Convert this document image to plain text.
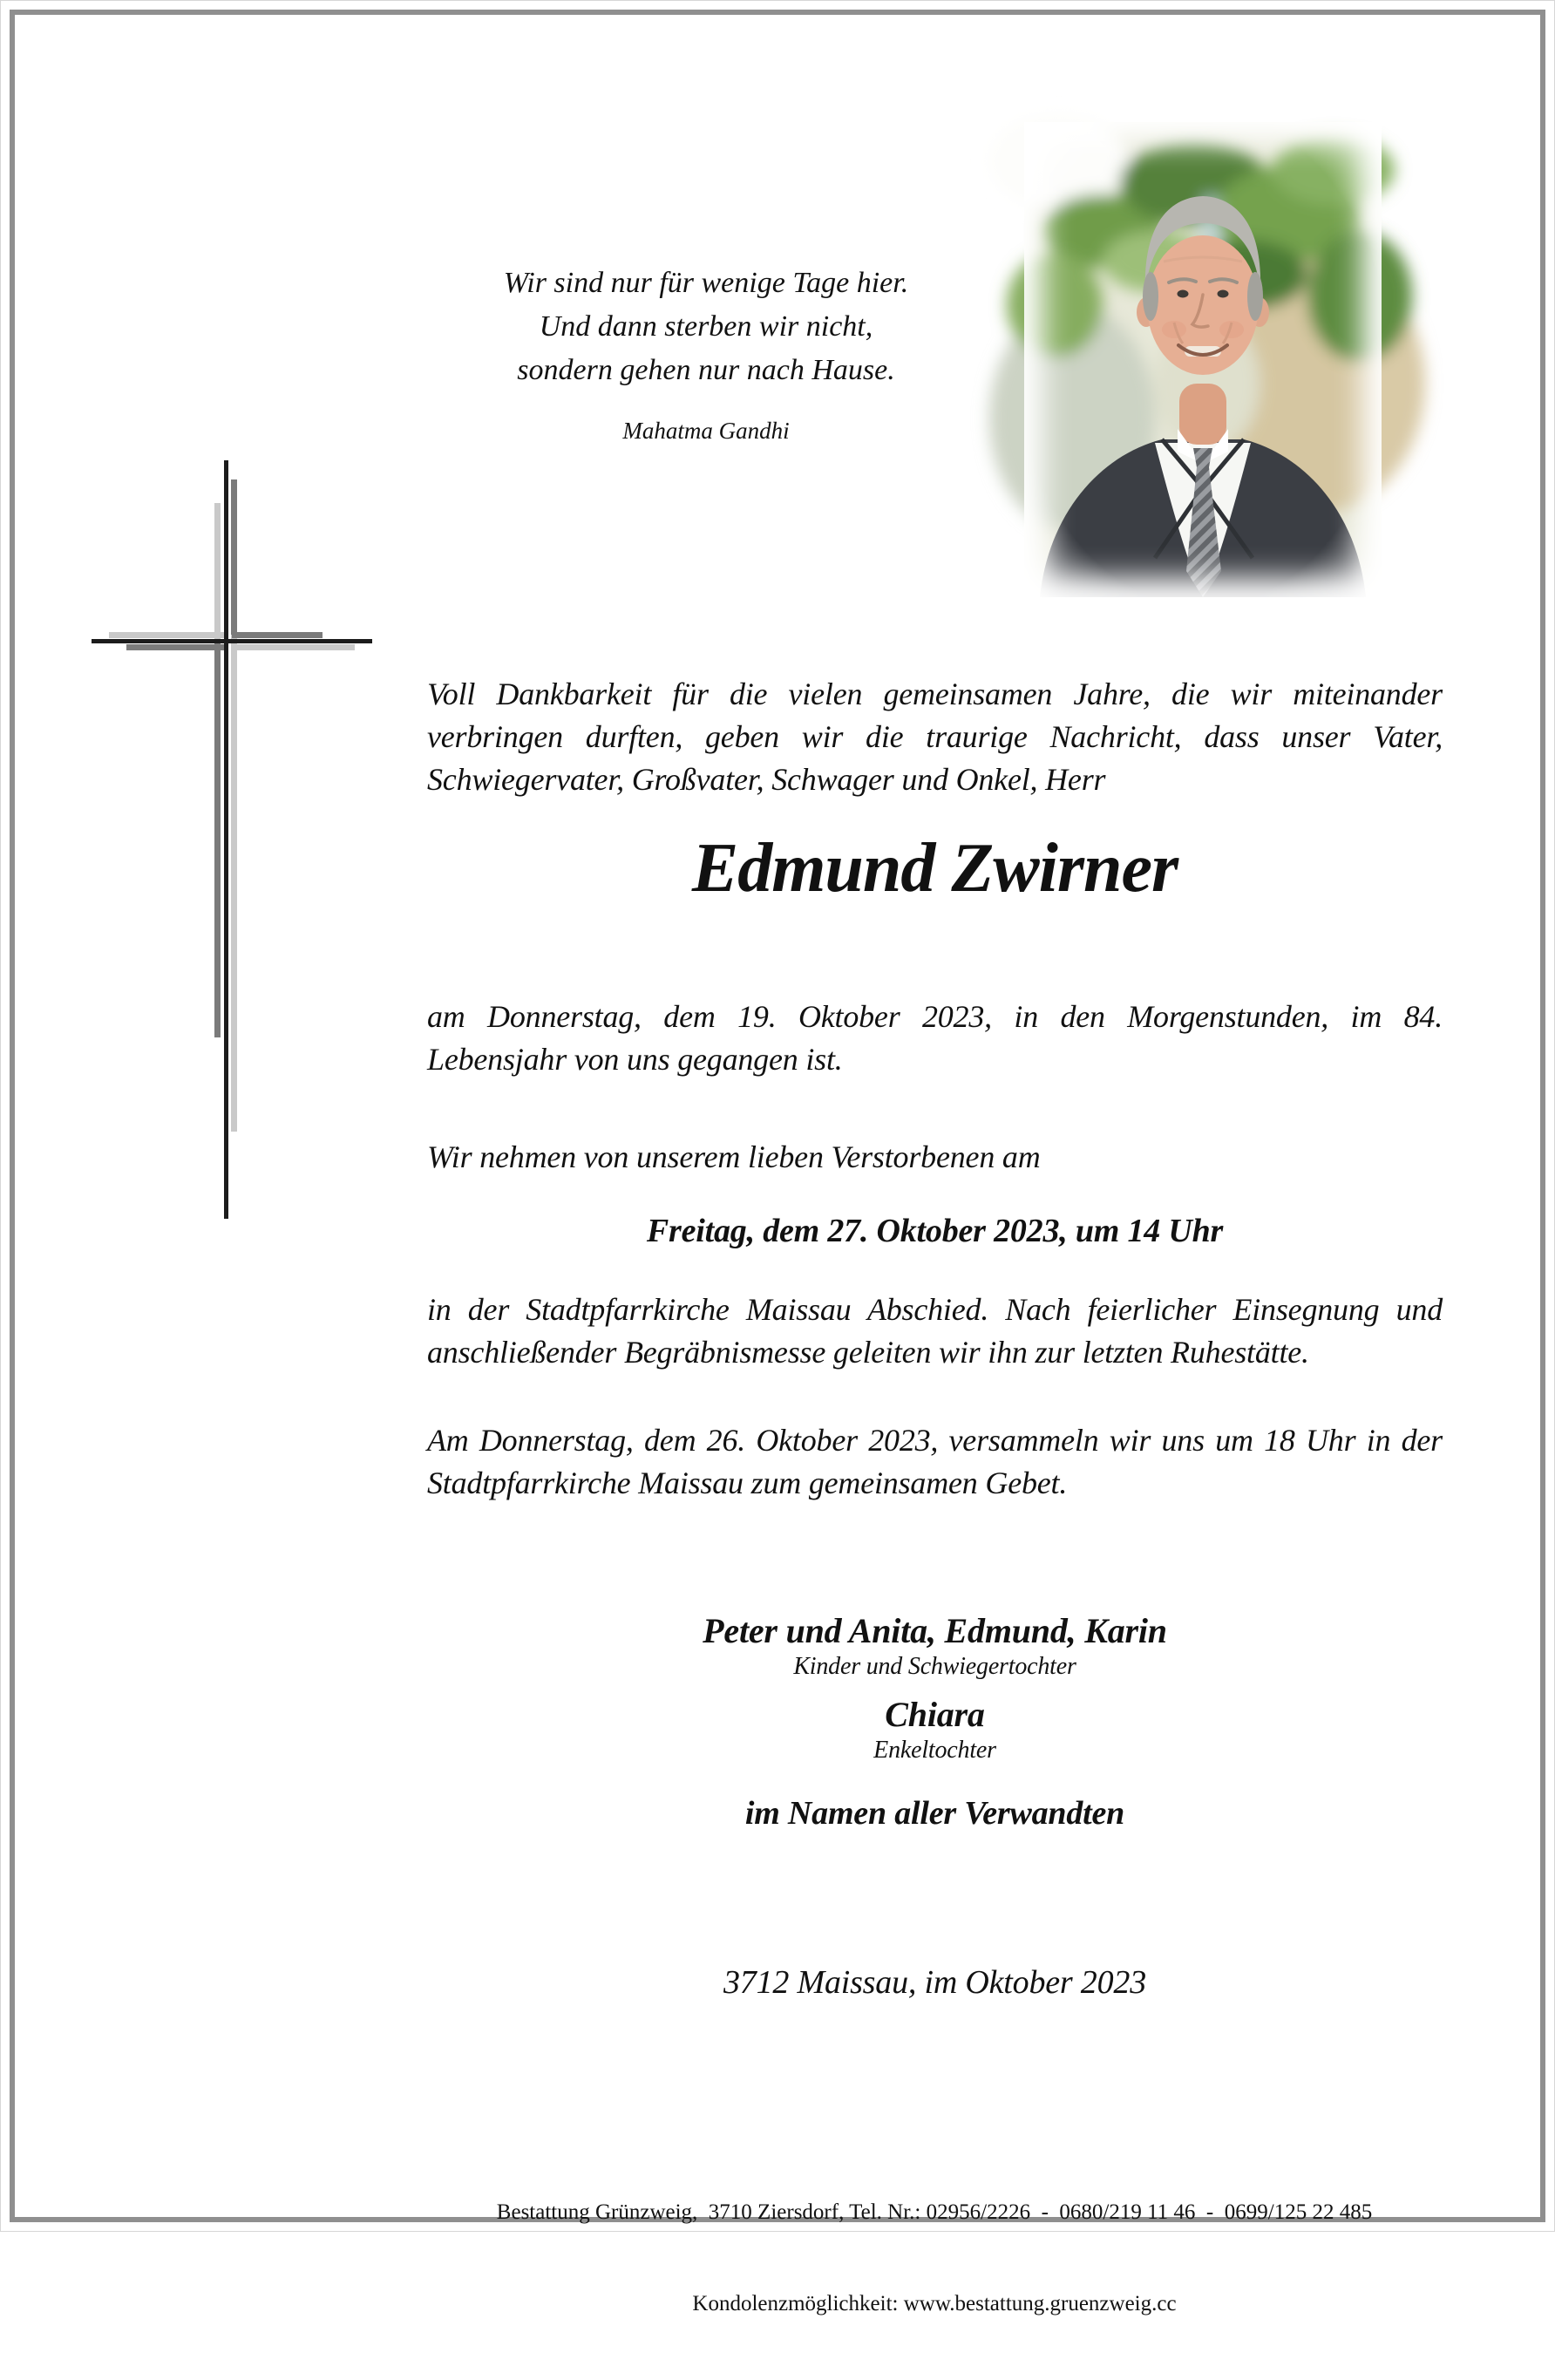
Wir sind nur für wenige Tage hier.
Und dann sterben wir nicht,
sondern gehen nur nach Hause.
Mahatma Gandhi
Voll Dankbarkeit für die vielen gemeinsamen Jahre, die wir miteinander verbringen durften, geben wir die traurige Nachricht, dass unser Vater, Schwiegervater, Großvater, Schwager und Onkel, Herr
Edmund Zwirner
am Donnerstag, dem 19. Oktober 2023, in den Morgenstunden, im 84. Lebensjahr von uns gegangen ist.
Wir nehmen von unserem lieben Verstorbenen am
Freitag, dem 27. Oktober 2023, um 14 Uhr
in der Stadtpfarrkirche Maissau Abschied. Nach feierlicher Einsegnung und anschließender Begräbnismesse geleiten wir ihn zur letzten Ruhestätte.
Am Donnerstag, dem 26. Oktober 2023, versammeln wir uns um 18 Uhr in der Stadtpfarrkirche Maissau zum gemeinsamen Gebet.
Peter und Anita, Edmund, Karin
Kinder und Schwiegertochter
Chiara
Enkeltochter
im Namen aller Verwandten
3712 Maissau, im Oktober 2023

Bestattung Grünzweig,  3710 Ziersdorf, Tel. Nr.: 02956/2226  -  0680/219 11 46  -  0699/125 22 485

Kondolenzmöglichkeit: www.bestattung.gruenzweig.cc
